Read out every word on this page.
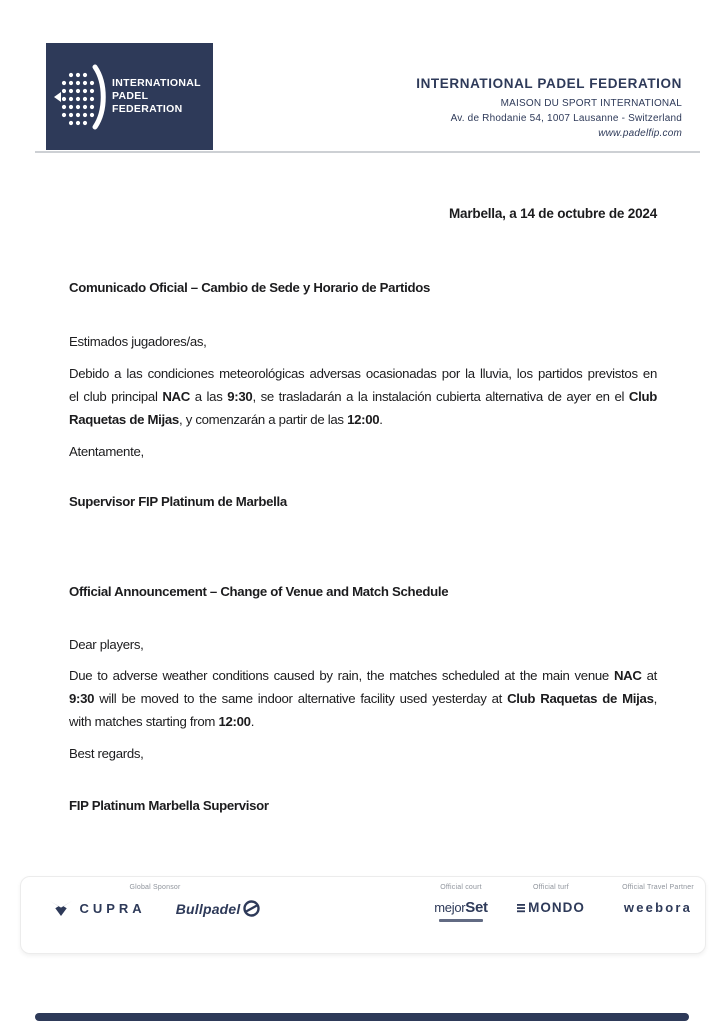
INTERNATIONAL
PADEL
FEDERATION
INTERNATIONAL PADEL FEDERATION
MAISON DU SPORT INTERNATIONAL
Av. de Rhodanie 54, 1007 Lausanne - Switzerland
www.padelfip.com
Marbella, a 14 de octubre de 2024
Comunicado Oficial – Cambio de Sede y Horario de Partidos
Estimados jugadores/as,
Debido a las condiciones meteorológicas adversas ocasionadas por la lluvia, los partidos previstos en
el club principal NAC a las 9:30, se trasladarán a la instalación cubierta alternativa de ayer en el Club
Raquetas de Mijas, y comenzarán a partir de las 12:00.
Atentamente,
Supervisor FIP Platinum de Marbella
Official Announcement – Change of Venue and Match Schedule
Dear players,
Due to adverse weather conditions caused by rain, the matches scheduled at the main venue NAC at
9:30 will be moved to the same indoor alternative facility used yesterday at Club Raquetas de Mijas,
with matches starting from 12:00.
Best regards,
FIP Platinum Marbella Supervisor
Global Sponsor
CUPRA Bullpadel
Official court
mejorSet
Official turf
MONDO
Official Travel Partner
weebora
